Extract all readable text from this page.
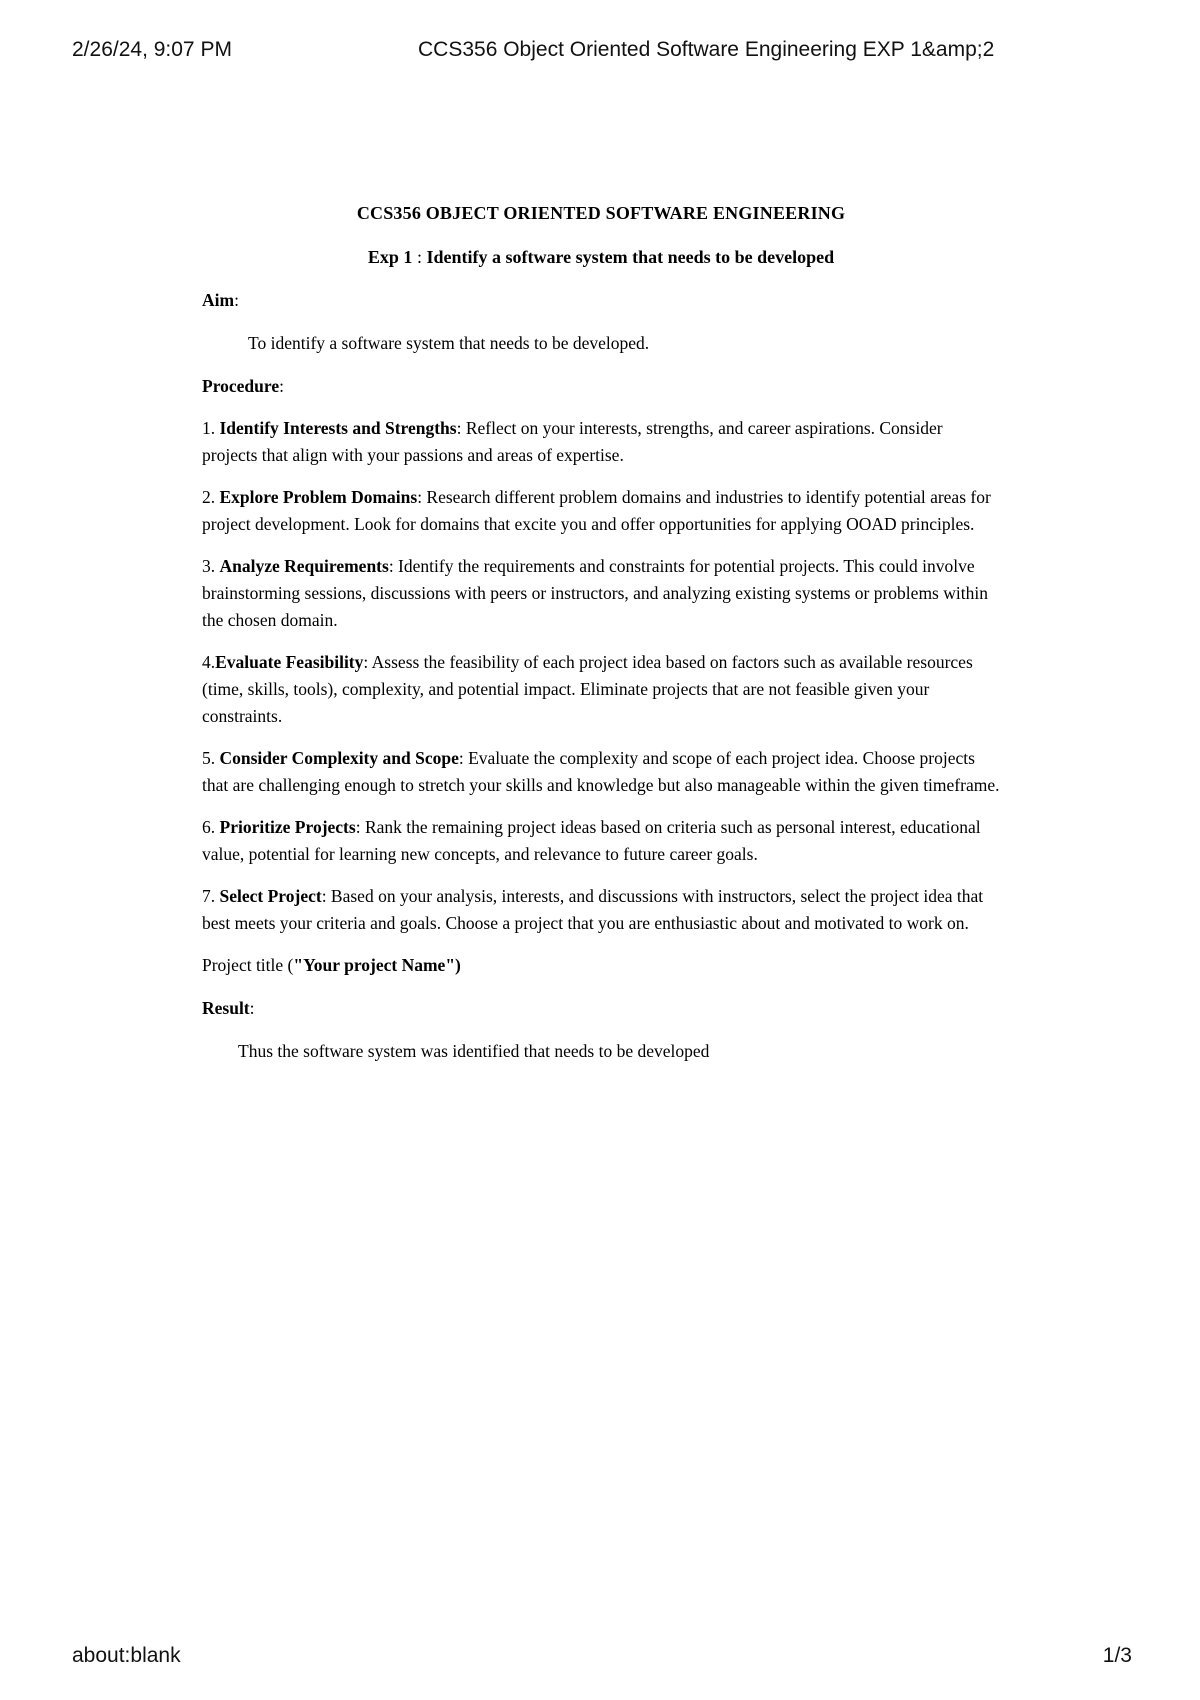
2/26/24, 9:07 PM	CCS356 Object Oriented Software Engineering EXP 1&amp;2

CCS356 OBJECT ORIENTED SOFTWARE ENGINEERING

Exp 1 : Identify a software system that needs to be developed

Aim:

To identify a software system that needs to be developed.

Procedure:

1. Identify Interests and Strengths: Reflect on your interests, strengths, and career aspirations. Consider projects that align with your passions and areas of expertise.

2. Explore Problem Domains: Research different problem domains and industries to identify potential areas for project development. Look for domains that excite you and offer opportunities for applying OOAD principles.

3. Analyze Requirements: Identify the requirements and constraints for potential projects. This could involve brainstorming sessions, discussions with peers or instructors, and analyzing existing systems or problems within the chosen domain.

4.Evaluate Feasibility: Assess the feasibility of each project idea based on factors such as available resources (time, skills, tools), complexity, and potential impact. Eliminate projects that are not feasible given your constraints.

5. Consider Complexity and Scope: Evaluate the complexity and scope of each project idea. Choose projects that are challenging enough to stretch your skills and knowledge but also manageable within the given timeframe.

6. Prioritize Projects: Rank the remaining project ideas based on criteria such as personal interest, educational value, potential for learning new concepts, and relevance to future career goals.

7. Select Project: Based on your analysis, interests, and discussions with instructors, select the project idea that best meets your criteria and goals. Choose a project that you are enthusiastic about and motivated to work on.

Project title ("Your project Name")

Result:

Thus the software system was identified that needs to be developed

about:blank	1/3
